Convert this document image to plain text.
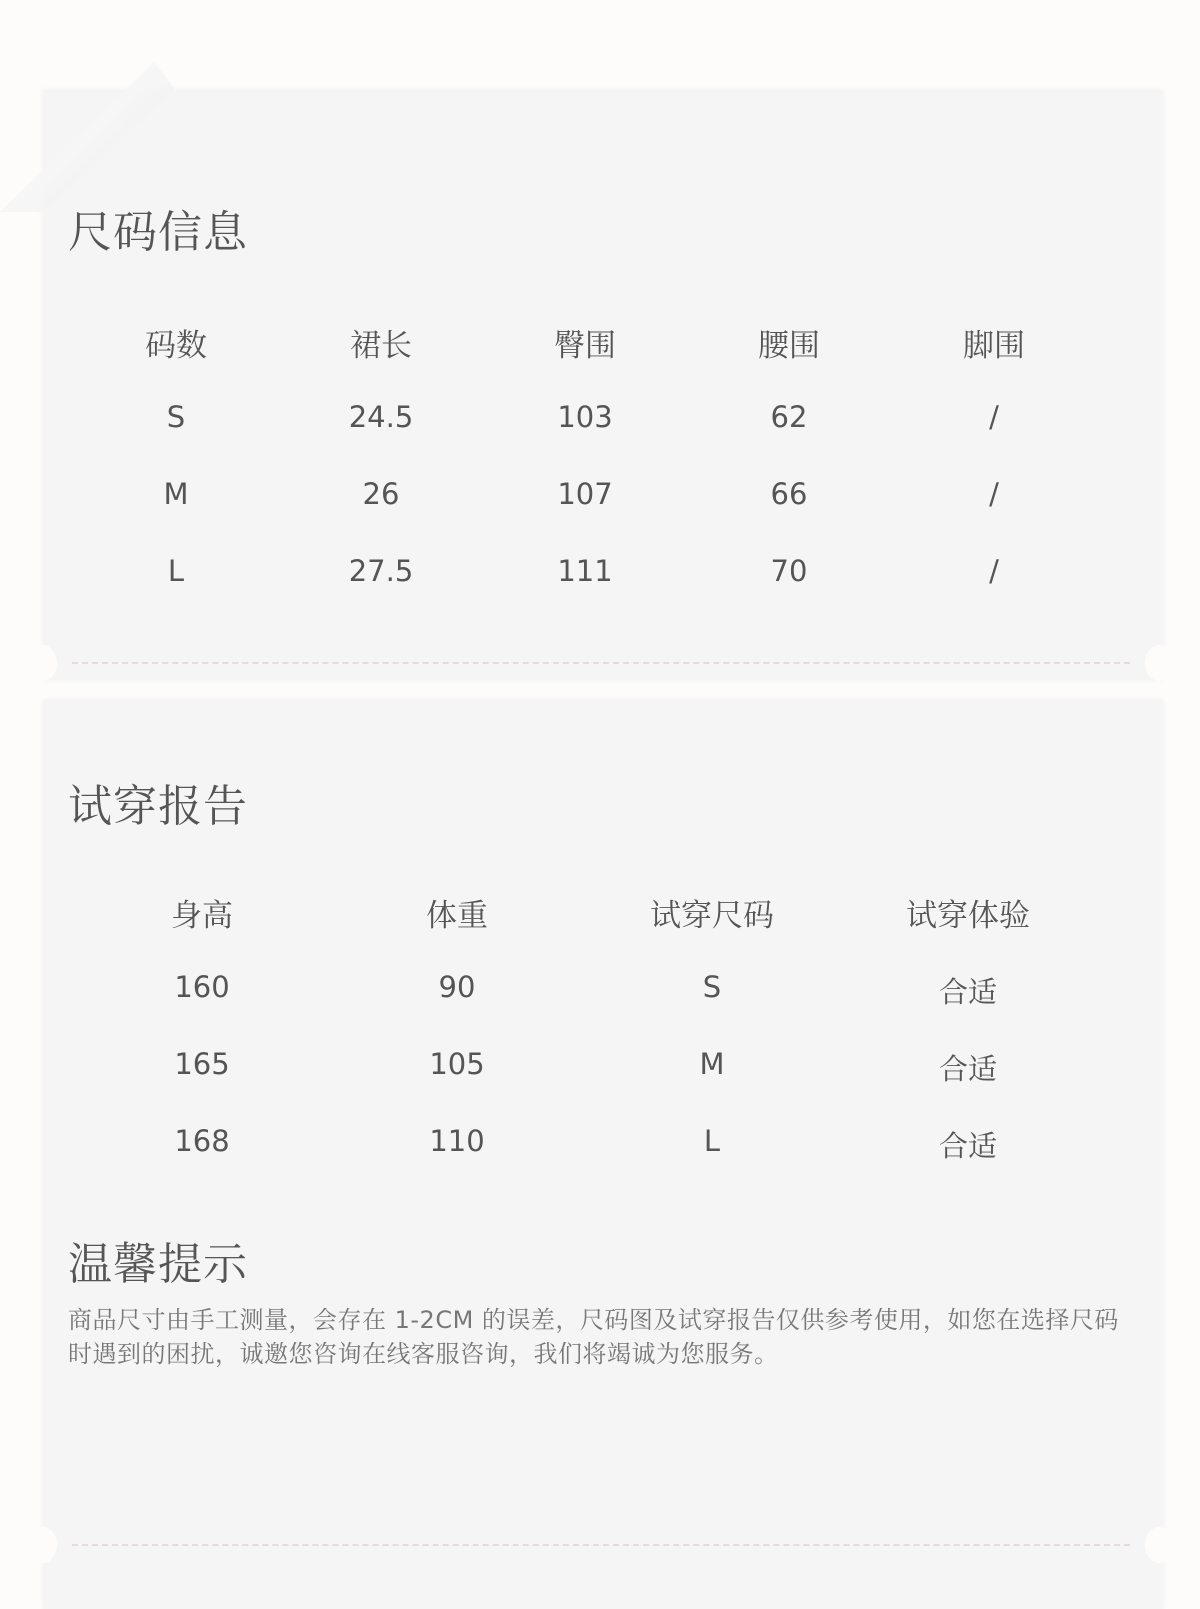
尺码信息
码数	裙长	臀围	腰围	脚围
S	24.5	103	62	/
M	26	107	66	/
L	27.5	111	70	/
试穿报告
身高	体重	试穿尺码	试穿体验
160	90	S	合适
165	105	M	合适
168	110	L	合适
温馨提示
商品尺寸由手工测量，会存在 1-2CM 的误差，尺码图及试穿报告仅供参考使用，如您在选择尺码时遇到的困扰，诚邀您咨询在线客服咨询，我们将竭诚为您服务。
